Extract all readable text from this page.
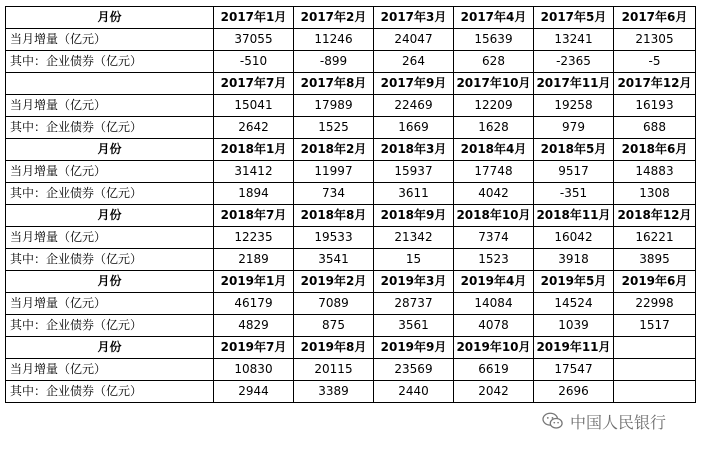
月份	2017年1月	2017年2月	2017年3月	2017年4月	2017年5月	2017年6月
当月增量（亿元）	37055	11246	24047	15639	13241	21305
其中：企业债券（亿元）	-510	-899	264	628	-2365	-5
	2017年7月	2017年8月	2017年9月	2017年10月	2017年11月	2017年12月
当月增量（亿元）	15041	17989	22469	12209	19258	16193
其中：企业债券（亿元）	2642	1525	1669	1628	979	688
月份	2018年1月	2018年2月	2018年3月	2018年4月	2018年5月	2018年6月
当月增量（亿元）	31412	11997	15937	17748	9517	14883
其中：企业债券（亿元）	1894	734	3611	4042	-351	1308
月份	2018年7月	2018年8月	2018年9月	2018年10月	2018年11月	2018年12月
当月增量（亿元）	12235	19533	21342	7374	16042	16221
其中：企业债券（亿元）	2189	3541	15	1523	3918	3895
月份	2019年1月	2019年2月	2019年3月	2019年4月	2019年5月	2019年6月
当月增量（亿元）	46179	7089	28737	14084	14524	22998
其中：企业债券（亿元）	4829	875	3561	4078	1039	1517
月份	2019年7月	2019年8月	2019年9月	2019年10月	2019年11月	
当月增量（亿元）	10830	20115	23569	6619	17547	
其中：企业债券（亿元）	2944	3389	2440	2042	2696	
中国人民银行
